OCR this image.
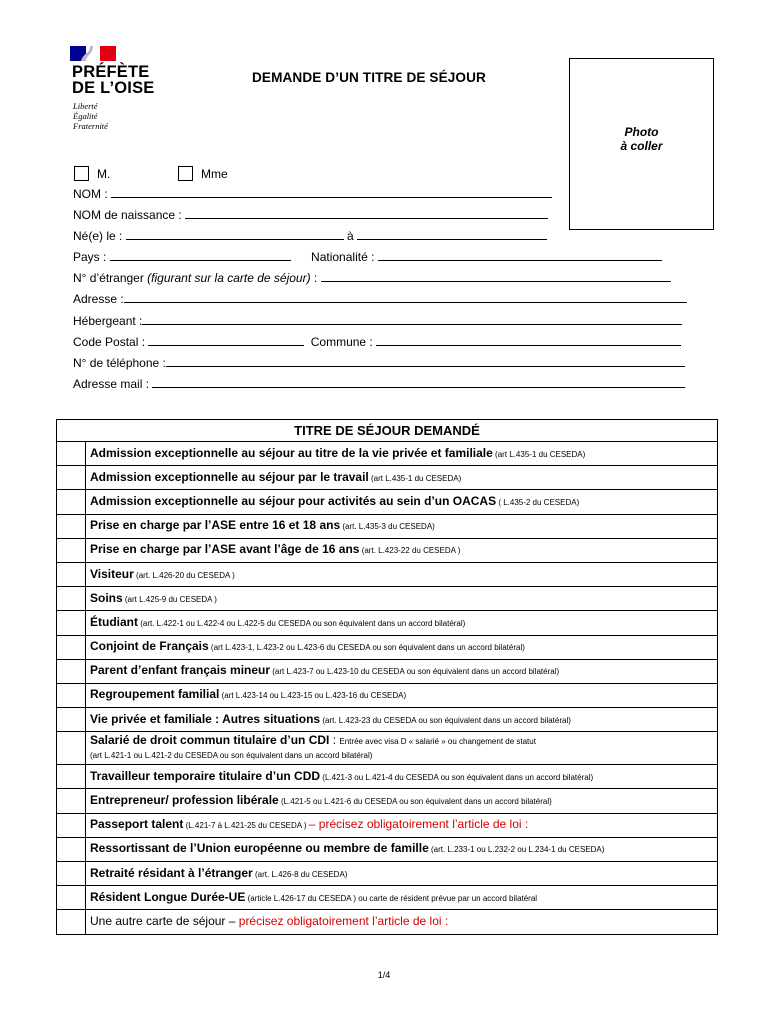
PRÉFÈTE
DE L’OISE
Liberté
Égalité
Fraternité
DEMANDE D’UN TITRE DE SÉJOUR
Photo
à coller
M.	Mme
NOM :
NOM de naissance :
Né(e) le :	à
Pays :	Nationalité :
N° d’étranger (figurant sur la carte de séjour) :
Adresse :
Hébergeant :
Code Postal :	Commune :
N° de téléphone :
Adresse mail :
TITRE DE SÉJOUR DEMANDÉ	
	Admission exceptionnelle au séjour au titre de la vie privée et familiale (art L.435-1 du CESEDA)
	Admission exceptionnelle au séjour par le travail (art L.435-1 du CESEDA)
	Admission exceptionnelle au séjour pour activités au sein d’un OACAS ( L.435-2 du CESEDA)
	Prise en charge par l’ASE entre 16 et 18 ans (art. L.435-3 du CESEDA)
	Prise en charge par l’ASE avant l’âge de 16 ans (art. L.423-22 du CESEDA )
	Visiteur (art. L.426-20 du CESEDA )
	Soins (art L.425-9 du CESEDA )
	Étudiant (art. L.422-1 ou L.422-4 ou L.422-5 du CESEDA ou son équivalent dans un accord bilatéral)
	Conjoint de Français (art L.423-1, L.423-2 ou L.423-6 du CESEDA ou son équivalent dans un accord bilatéral)
	Parent d’enfant français mineur (art L.423-7 ou L.423-10 du CESEDA ou son équivalent dans un accord bilatéral)
	Regroupement familial (art L.423-14 ou L.423-15 ou L.423-16 du CESEDA)
	Vie privée et familiale : Autres situations (art. L.423-23 du CESEDA ou son équivalent dans un accord bilatéral)
	Salarié de droit commun titulaire d’un CDI : Entrée avec visa D « salarié » ou changement de statut
(art L.421-1 ou L.421-2 du CESEDA ou son équivalent dans un accord bilatéral)
	Travailleur temporaire titulaire d’un CDD (L.421-3 ou L.421-4 du CESEDA ou son équivalent dans un accord bilatéral)
	Entrepreneur/ profession libérale (L.421-5 ou L.421-6 du CESEDA ou son équivalent dans un accord bilatéral)
	Passeport talent (L.421-7 à L.421-25 du CESEDA ) – précisez obligatoirement l’article de loi :
	Ressortissant de l’Union européenne ou membre de famille (art. L.233-1 ou L.232-2 ou L.234-1 du CESEDA)
	Retraité résidant à l’étranger (art. L.426-8 du CESEDA)
	Résident Longue Durée-UE (article L.426-17 du CESEDA ) ou carte de résident prévue par un accord bilatéral
	Une autre carte de séjour – précisez obligatoirement l’article de loi :
1/4
